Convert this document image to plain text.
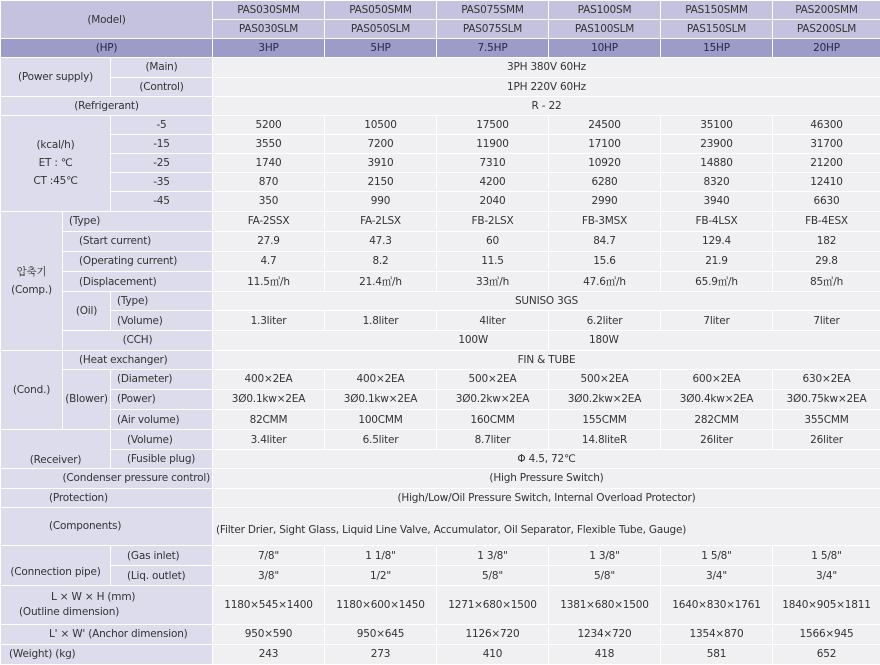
(Model)			PAS030SMM	PAS050SMM	PAS075SMM	PAS100SM	PAS150SMM	PAS200SMM
			PAS030SLM	PAS050SLM	PAS075SLM	PAS100SLM	PAS150SLM	PAS200SLM
(HP)			3HP	5HP	7.5HP	10HP	15HP	20HP
(Power supply)		(Main)	3PH 380V 60Hz					
		(Control)	1PH 220V 60Hz					
(Refrigerant)			R - 22					

(kcal/h)
ET : ℃
CT :45℃		-5	5200	10500	17500	24500	35100	46300
		-15	3550	7200	11900	17100	23900	31700
		-25	1740	3910	7310	10920	14880	21200
		-35	870	2150	4200	6280	8320	12410
		-45	350	990	2040	2990	3940	6630

압축기
(Comp.)	(Type)		FA-2SSX	FA-2LSX	FB-2LSX	FB-3MSX	FB-4LSX	FB-4ESX
	(Start current)		27.9	47.3	60	84.7	129.4	182
	(Operating current)		4.7	8.2	11.5	15.6	21.9	29.8
	(Displacement)		11.5㎥/h	21.4㎥/h	33㎥/h	47.6㎥/h	65.9㎥/h	85㎥/h
	(Oil)	(Type)	SUNISO 3GS					
		(Volume)	1.3liter	1.8liter	4liter	6.2liter	7liter	7liter
	(CCH)		100W			180W		
(Cond.)	(Heat exchanger)		FIN & TUBE					
	(Blower)	(Diameter)	400×2EA	400×2EA	500×2EA	500×2EA	600×2EA	630×2EA
		(Power)	3Ø0.1kw×2EA	3Ø0.1kw×2EA	3Ø0.2kw×2EA	3Ø0.2kw×2EA	3Ø0.4kw×2EA	3Ø0.75kw×2EA
		(Air volume)	82CMM	100CMM	160CMM	155CMM	282CMM	355CMM
(Receiver)		(Volume)	3.4liter	6.5liter	8.7liter	14.8liteR	26liter	26liter
		(Fusible plug)	Φ 4.5, 72℃					
(Condenser pressure control)			(High Pressure Switch)					
(Protection)			(High/Low/Oil Pressure Switch, Internal Overload Protector)					
(Components)			(Filter Drier, Sight Glass, Liquid Line Valve, Accumulator, Oil Separator, Flexible Tube, Gauge)					
(Connection pipe)		(Gas inlet)	7/8"	1 1/8"	1 3/8"	1 3/8"	1 5/8"	1 5/8"
		(Liq. outlet)	3/8"	1/2"	5/8"	5/8"	3/4"	3/4"

L × W × H (mm)
(Outline dimension)			1180×545×1400	1180×600×1450	1271×680×1500	1381×680×1500	1640×830×1761	1840×905×1811
L' × W' (Anchor dimension)			950×590	950×645	1126×720	1234×720	1354×870	1566×945
(Weight) (kg)			243	273	410	418	581	652
